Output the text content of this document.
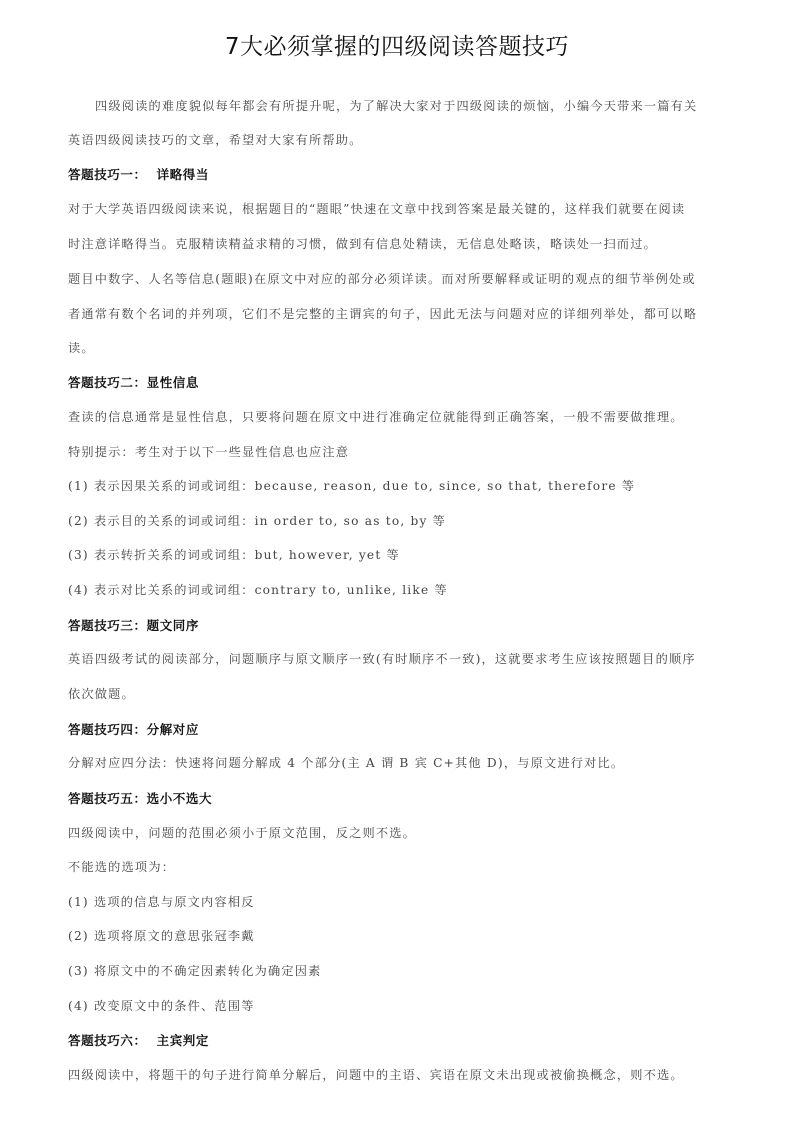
7大必须掌握的四级阅读答题技巧
四级阅读的难度貌似每年都会有所提升呢，为了解决大家对于四级阅读的烦恼，小编今天带来一篇有关
英语四级阅读技巧的文章，希望对大家有所帮助。
答题技巧一： 详略得当
对于大学英语四级阅读来说，根据题目的“题眼”快速在文章中找到答案是最关键的，这样我们就要在阅读
时注意详略得当。克服精读精益求精的习惯，做到有信息处精读，无信息处略读，略读处一扫而过。
题目中数字、人名等信息(题眼)在原文中对应的部分必须详读。而对所要解释或证明的观点的细节举例处或
者通常有数个名词的并列项，它们不是完整的主谓宾的句子，因此无法与问题对应的详细列举处，都可以略
读。
答题技巧二：显性信息
查读的信息通常是显性信息，只要将问题在原文中进行准确定位就能得到正确答案，一般不需要做推理。
特别提示：考生对于以下一些显性信息也应注意
(1) 表示因果关系的词或词组：because, reason, due to, since, so that, therefore 等
(2) 表示目的关系的词或词组：in order to, so as to, by 等
(3) 表示转折关系的词或词组：but, however, yet 等
(4) 表示对比关系的词或词组：contrary to, unlike, like 等
答题技巧三：题文同序
英语四级考试的阅读部分，问题顺序与原文顺序一致(有时顺序不一致)，这就要求考生应该按照题目的顺序
依次做题。
答题技巧四：分解对应
分解对应四分法：快速将问题分解成 4 个部分(主 A 谓 B 宾 C+其他 D)，与原文进行对比。
答题技巧五：选小不选大
四级阅读中，问题的范围必须小于原文范围，反之则不选。
不能选的选项为：
(1) 选项的信息与原文内容相反
(2) 选项将原文的意思张冠李戴
(3) 将原文中的不确定因素转化为确定因素
(4) 改变原文中的条件、范围等
答题技巧六： 主宾判定
四级阅读中，将题干的句子进行简单分解后，问题中的主语、宾语在原文未出现或被偷换概念，则不选。
